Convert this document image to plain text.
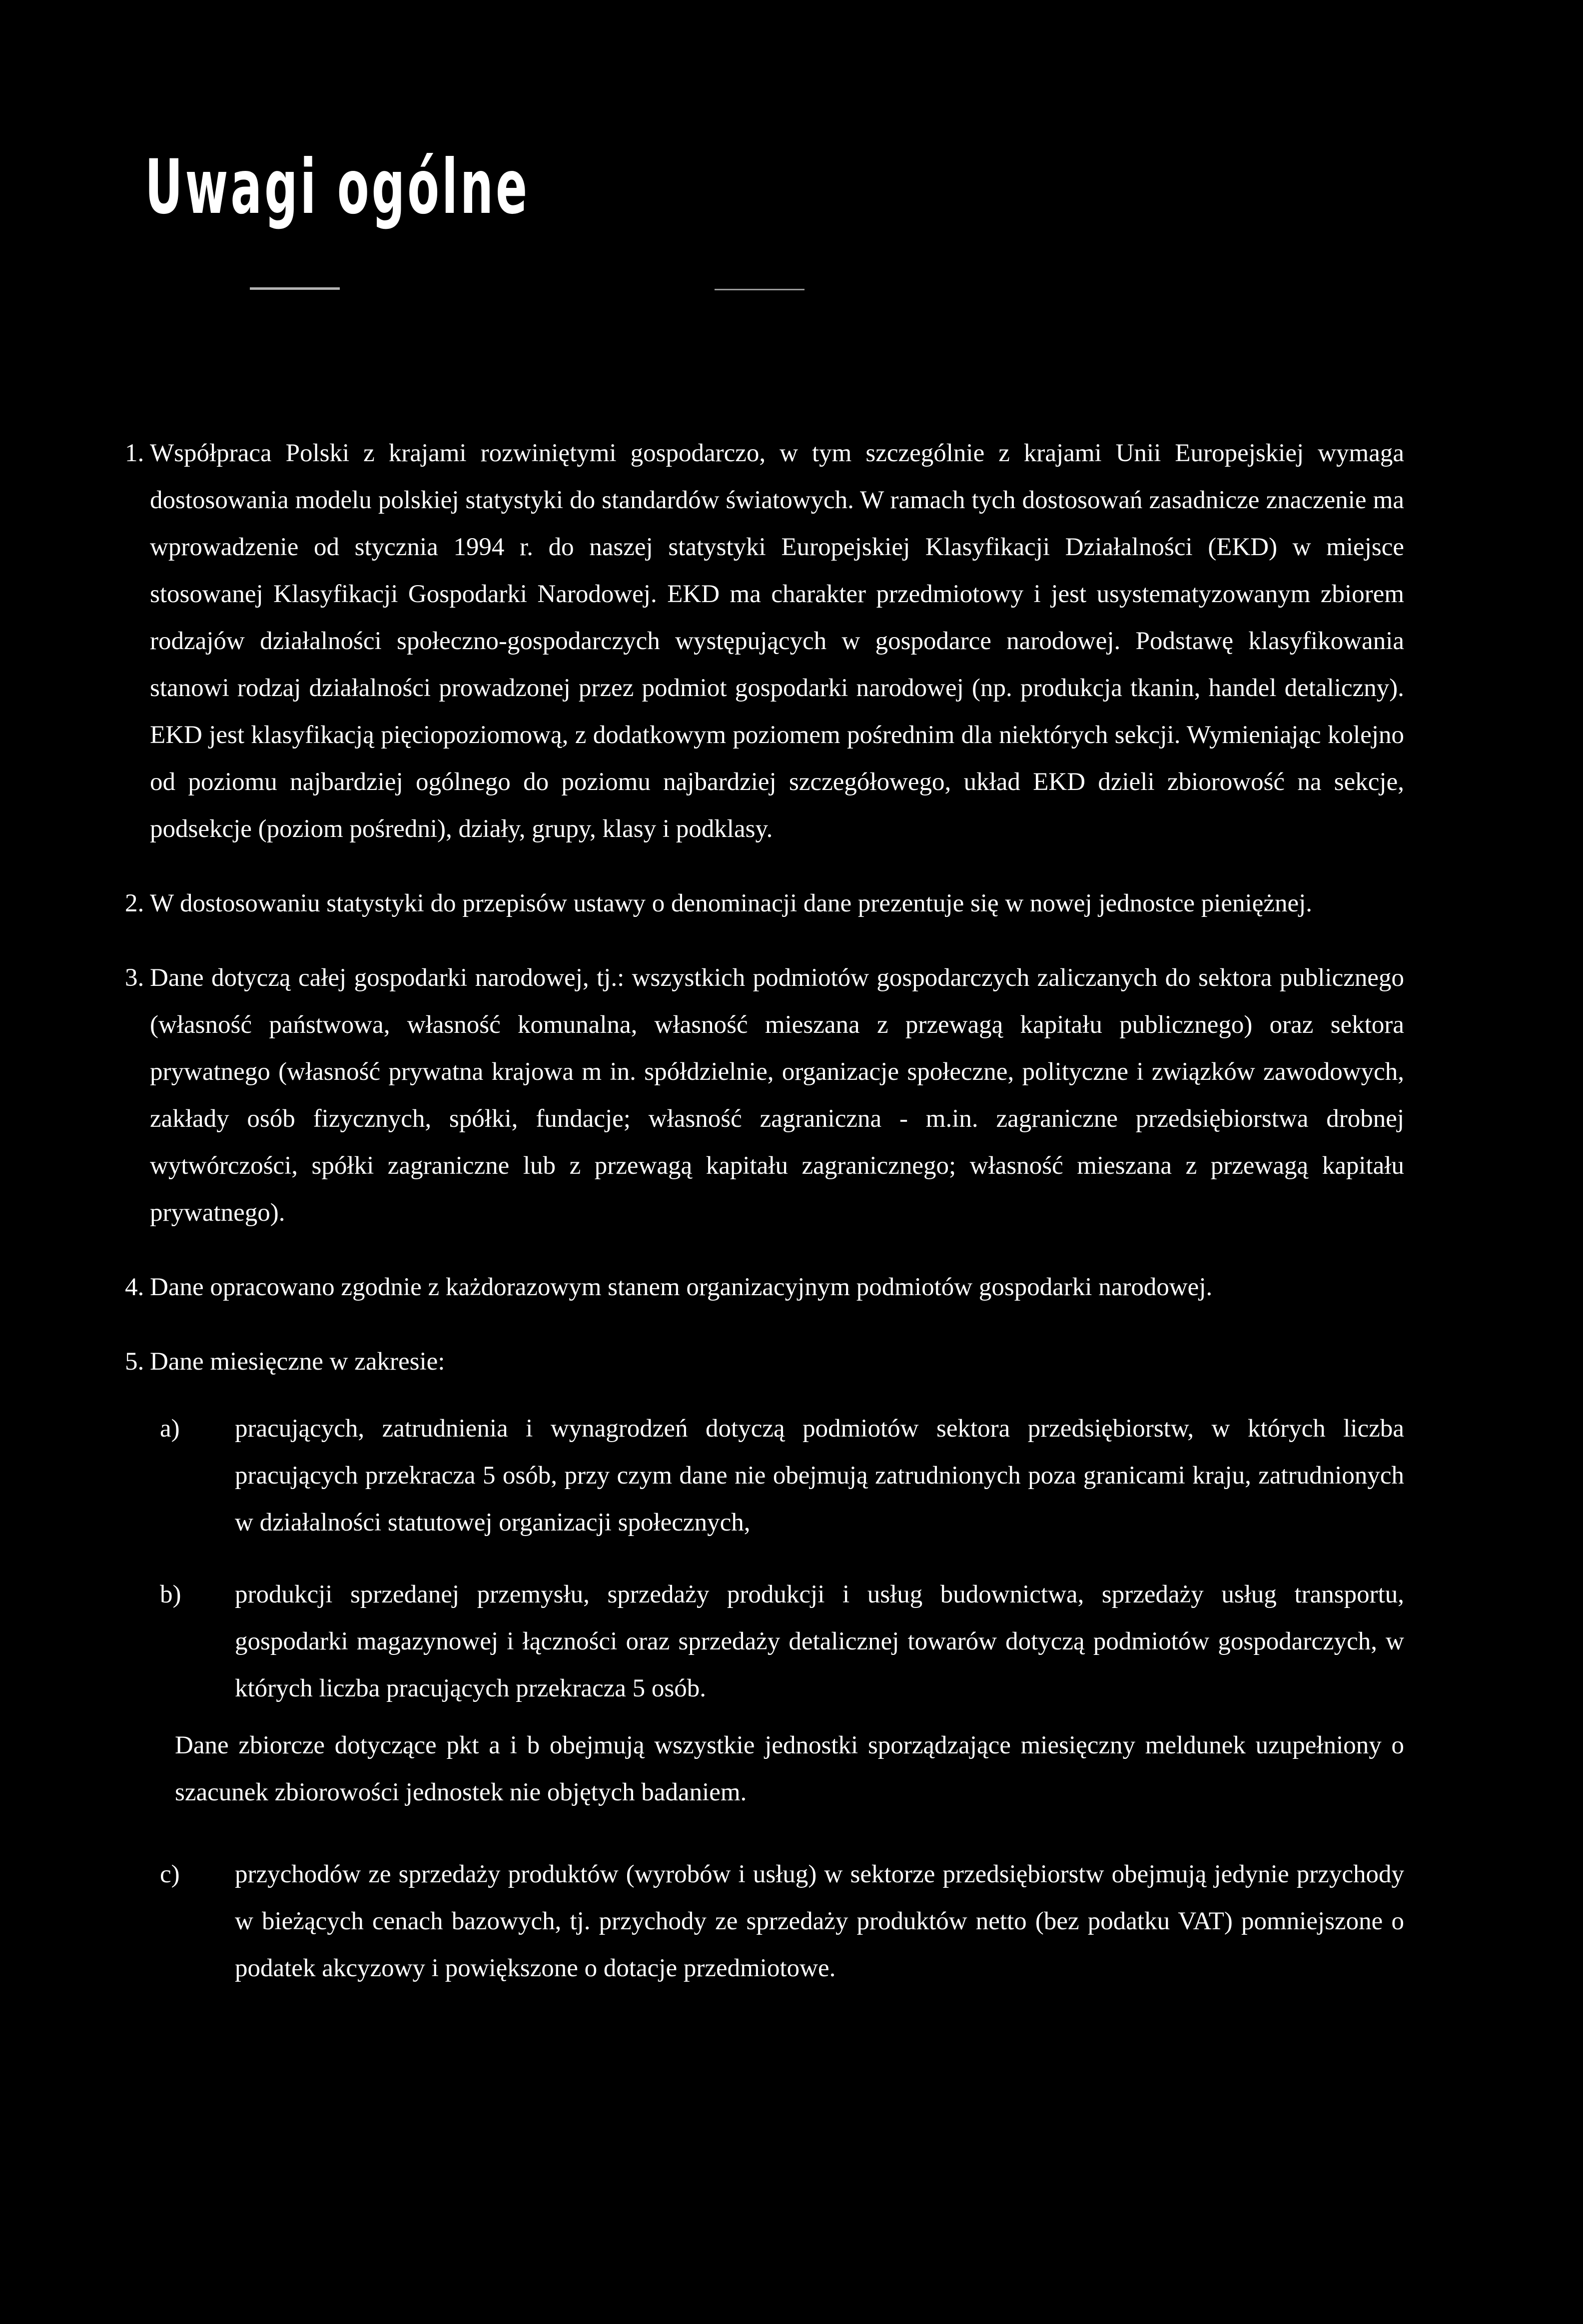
Uwagi ogólne
1. Współpraca Polski z krajami rozwiniętymi gospodarczo, w tym szczególnie z krajami Unii Europejskiej wymaga dostosowania modelu polskiej statystyki do standardów światowych. W ramach tych dostosowań zasadnicze znaczenie ma wprowadzenie od stycznia 1994 r. do naszej statystyki Europejskiej Klasyfikacji Działalności (EKD) w miejsce stosowanej Klasyfikacji Gospodarki Narodowej. EKD ma charakter przedmiotowy i jest usystematyzowanym zbiorem rodzajów działalności społeczno-gospodarczych występujących w gospodarce narodowej. Podstawę klasyfikowania stanowi rodzaj działalności prowadzonej przez podmiot gospodarki narodowej (np. produkcja tkanin, handel detaliczny). EKD jest klasyfikacją pięciopoziomową, z dodatkowym poziomem pośrednim dla niektórych sekcji. Wymieniając kolejno od poziomu najbardziej ogólnego do poziomu najbardziej szczegółowego, układ EKD dzieli zbiorowość na sekcje, podsekcje (poziom pośredni), działy, grupy, klasy i podklasy.

2. W dostosowaniu statystyki do przepisów ustawy o denominacji dane prezentuje się w nowej jednostce pieniężnej.

3. Dane dotyczą całej gospodarki narodowej, tj.: wszystkich podmiotów gospodarczych zaliczanych do sektora publicznego (własność państwowa, własność komunalna, własność mieszana z przewagą kapitału publicznego) oraz sektora prywatnego (własność prywatna krajowa m in. spółdzielnie, organizacje społeczne, polityczne i związków zawodowych, zakłady osób fizycznych, spółki, fundacje; własność zagraniczna - m.in. zagraniczne przedsiębiorstwa drobnej wytwórczości, spółki zagraniczne lub z przewagą kapitału zagranicznego; własność mieszana z przewagą kapitału prywatnego).

4. Dane opracowano zgodnie z każdorazowym stanem organizacyjnym podmiotów gospodarki narodowej.

5. Dane miesięczne w zakresie:

a) pracujących, zatrudnienia i wynagrodzeń dotyczą podmiotów sektora przedsiębiorstw, w których liczba pracujących przekracza 5 osób, przy czym dane nie obejmują zatrudnionych poza granicami kraju, zatrudnionych w działalności statutowej organizacji społecznych,

b) produkcji sprzedanej przemysłu, sprzedaży produkcji i usług budownictwa, sprzedaży usług transportu, gospodarki magazynowej i łączności oraz sprzedaży detalicznej towarów dotyczą podmiotów gospodarczych, w których liczba pracujących przekracza 5 osób.

Dane zbiorcze dotyczące pkt a i b obejmują wszystkie jednostki sporządzające miesięczny meldunek uzupełniony o szacunek zbiorowości jednostek nie objętych badaniem.

c) przychodów ze sprzedaży produktów (wyrobów i usług) w sektorze przedsiębiorstw obejmują jedynie przychody w bieżących cenach bazowych, tj. przychody ze sprzedaży produktów netto (bez podatku VAT) pomniejszone o podatek akcyzowy i powiększone o dotacje przedmiotowe.
